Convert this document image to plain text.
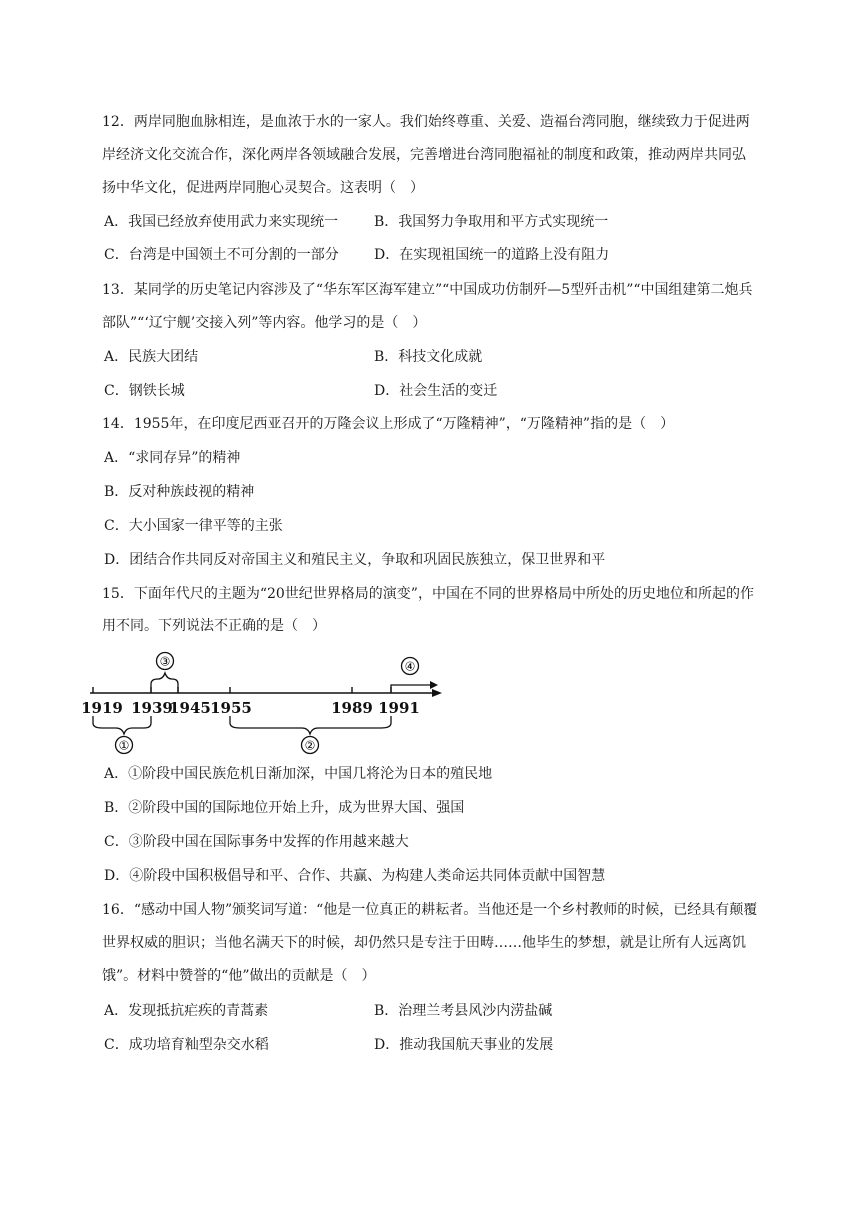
12．两岸同胞血脉相连，是血浓于水的一家人。我们始终尊重、关爱、造福台湾同胞，继续致力于促进两
岸经济文化交流合作，深化两岸各领域融合发展，完善增进台湾同胞福祉的制度和政策，推动两岸共同弘
扬中华文化，促进两岸同胞心灵契合。这表明（　）
A．我国已经放弃使用武力来实现统一	B．我国努力争取用和平方式实现统一
C．台湾是中国领土不可分割的一部分	D．在实现祖国统一的道路上没有阻力
13．某同学的历史笔记内容涉及了“华东军区海军建立”“中国成功仿制歼—5型歼击机”“中国组建第二炮兵
部队”“‘辽宁舰’交接入列”等内容。他学习的是（　）
A．民族大团结	B．科技文化成就
C．钢铁长城	D．社会生活的变迁
14．1955年，在印度尼西亚召开的万隆会议上形成了“万隆精神”，“万隆精神”指的是（　）
A．“求同存异”的精神
B．反对种族歧视的精神
C．大小国家一律平等的主张
D．团结合作共同反对帝国主义和殖民主义，争取和巩固民族独立，保卫世界和平
15．下面年代尺的主题为“20世纪世界格局的演变”，中国在不同的世界格局中所处的历史地位和所起的作
用不同。下列说法不正确的是（　）
③	④
1919 1939
1945 1955	1989 1991
①	②
A．①阶段中国民族危机日渐加深，中国几将沦为日本的殖民地
B．②阶段中国的国际地位开始上升，成为世界大国、强国
C．③阶段中国在国际事务中发挥的作用越来越大
D．④阶段中国积极倡导和平、合作、共赢、为构建人类命运共同体贡献中国智慧
16．“感动中国人物”颁奖词写道：“他是一位真正的耕耘者。当他还是一个乡村教师的时候，已经具有颠覆
世界权威的胆识；当他名满天下的时候，却仍然只是专注于田畴……他毕生的梦想，就是让所有人远离饥
饿”。材料中赞誉的“他”做出的贡献是（　）
A．发现抵抗疟疾的青蒿素	B．治理兰考县风沙内涝盐碱
C．成功培育籼型杂交水稻	D．推动我国航天事业的发展
